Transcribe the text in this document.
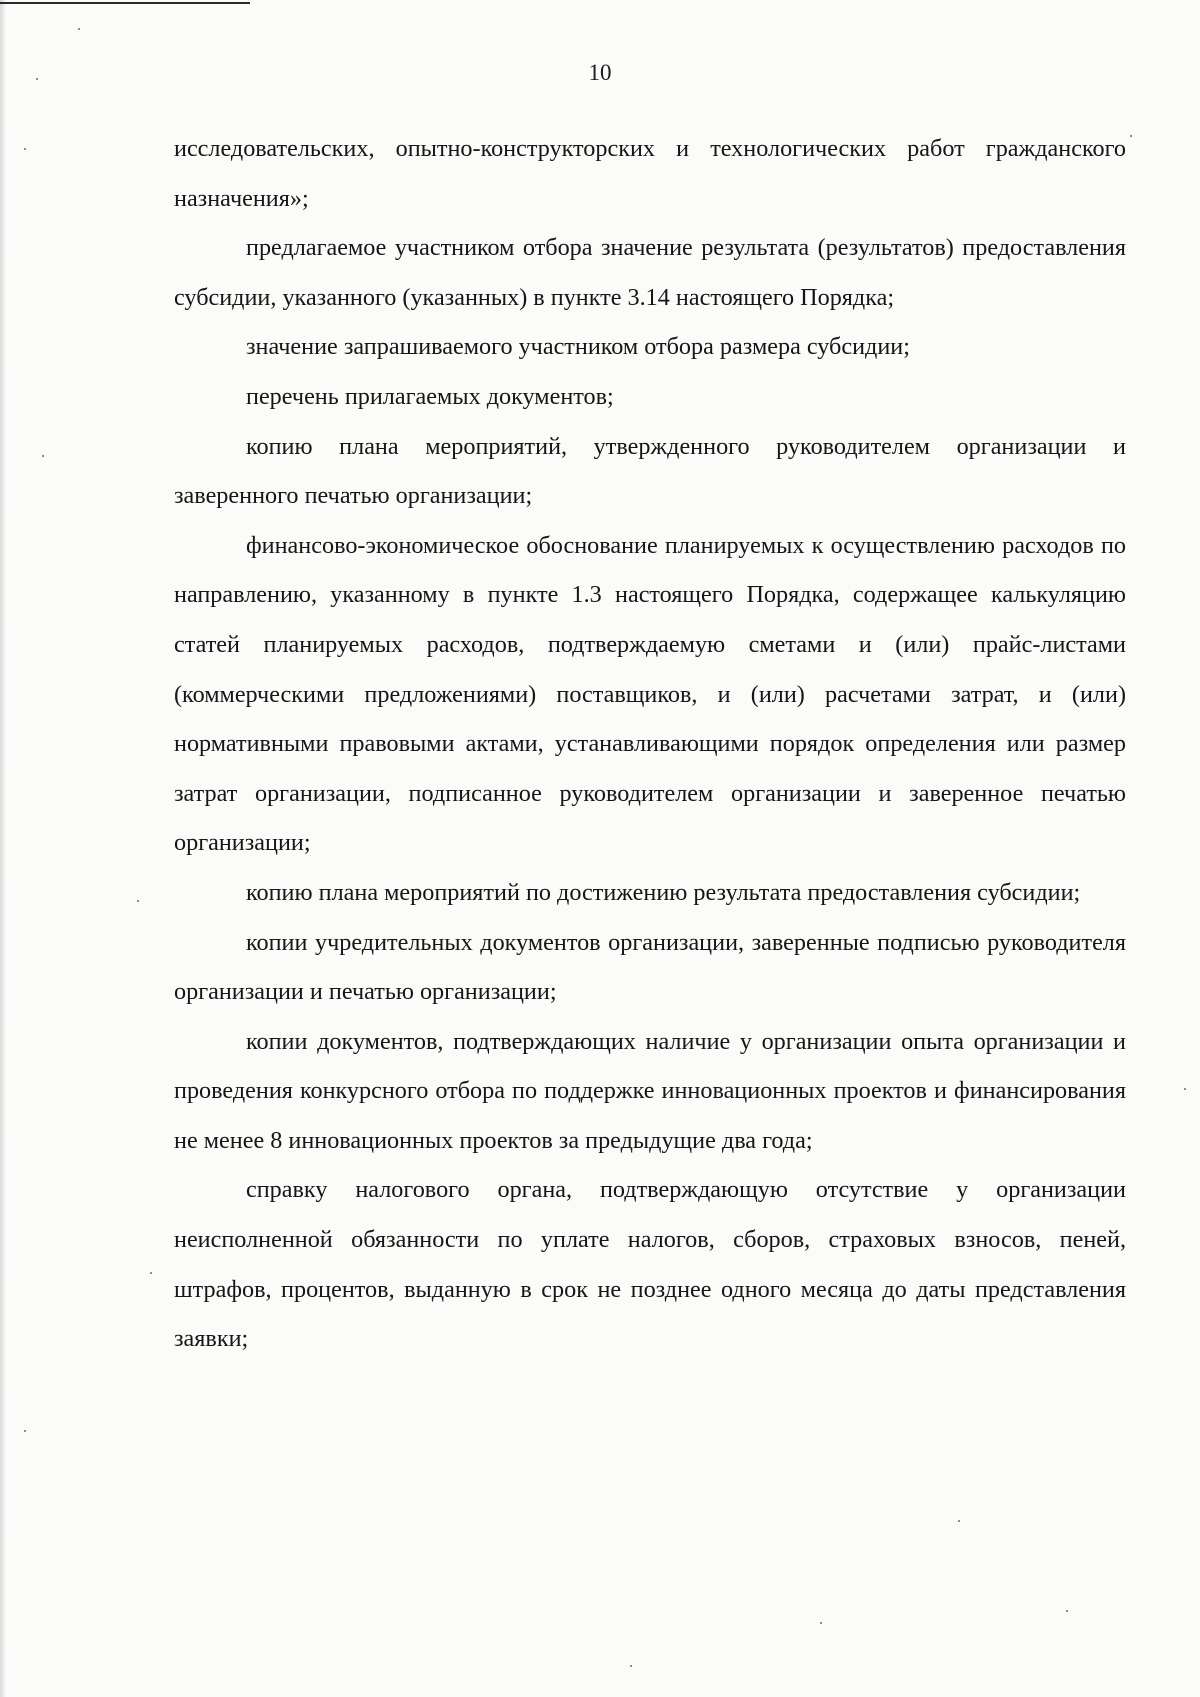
10

исследовательских, опытно-конструкторских и технологических работ гражданского назначения»;

предлагаемое участником отбора значение результата (результатов) предоставления субсидии, указанного (указанных) в пункте 3.14 настоящего Порядка;

значение запрашиваемого участником отбора размера субсидии;

перечень прилагаемых документов;

копию плана мероприятий, утвержденного руководителем организации и заверенного печатью организации;

финансово-экономическое обоснование планируемых к осуществлению расходов по направлению, указанному в пункте 1.3 настоящего Порядка, содержащее калькуляцию статей планируемых расходов, подтверждаемую сметами и (или) прайс-листами (коммерческими предложениями) поставщиков, и (или) расчетами затрат, и (или) нормативными правовыми актами, устанавливающими порядок определения или размер затрат организации, подписанное руководителем организации и заверенное печатью организации;

копию плана мероприятий по достижению результата предоставления субсидии;

копии учредительных документов организации, заверенные подписью руководителя организации и печатью организации;

копии документов, подтверждающих наличие у организации опыта организации и проведения конкурсного отбора по поддержке инновационных проектов и финансирования не менее 8 инновационных проектов за предыдущие два года;

справку налогового органа, подтверждающую отсутствие у организации неисполненной обязанности по уплате налогов, сборов, страховых взносов, пеней, штрафов, процентов, выданную в срок не позднее одного месяца до даты представления заявки;
